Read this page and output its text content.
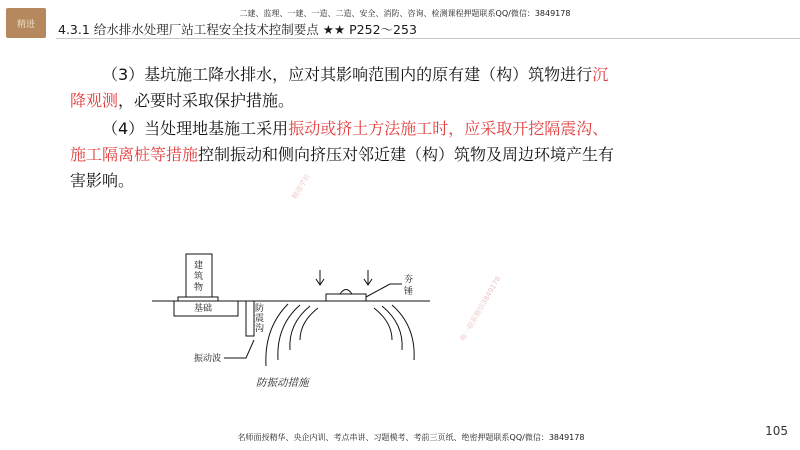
精进
二建、监理、一建、一造、二造、安全、消防、咨询、检测课程押题联系QQ/微信：3849178
4.3.1 给水排水处理厂站工程安全技术控制要点 ★★ P252～253

（3）基坑施工降水排水，应对其影响范围内的原有建（构）筑物进行沉降观测，必要时采取保护措施。

（4）当处理地基施工采用振动或挤土方法施工时，应采取开挖隔震沟、施工隔离桩等措施控制振动和侧向挤压对邻近建（构）筑物及周边环境产生有害影响。

建
筑
物
基础	防
震
沟
夯
锤
振动波
防振动措施
精进学社
唯一联系微信3849178
名师面授精华、央企内训、考点串讲、习题模考、考前三页纸、绝密押题联系QQ/微信：3849178	105
